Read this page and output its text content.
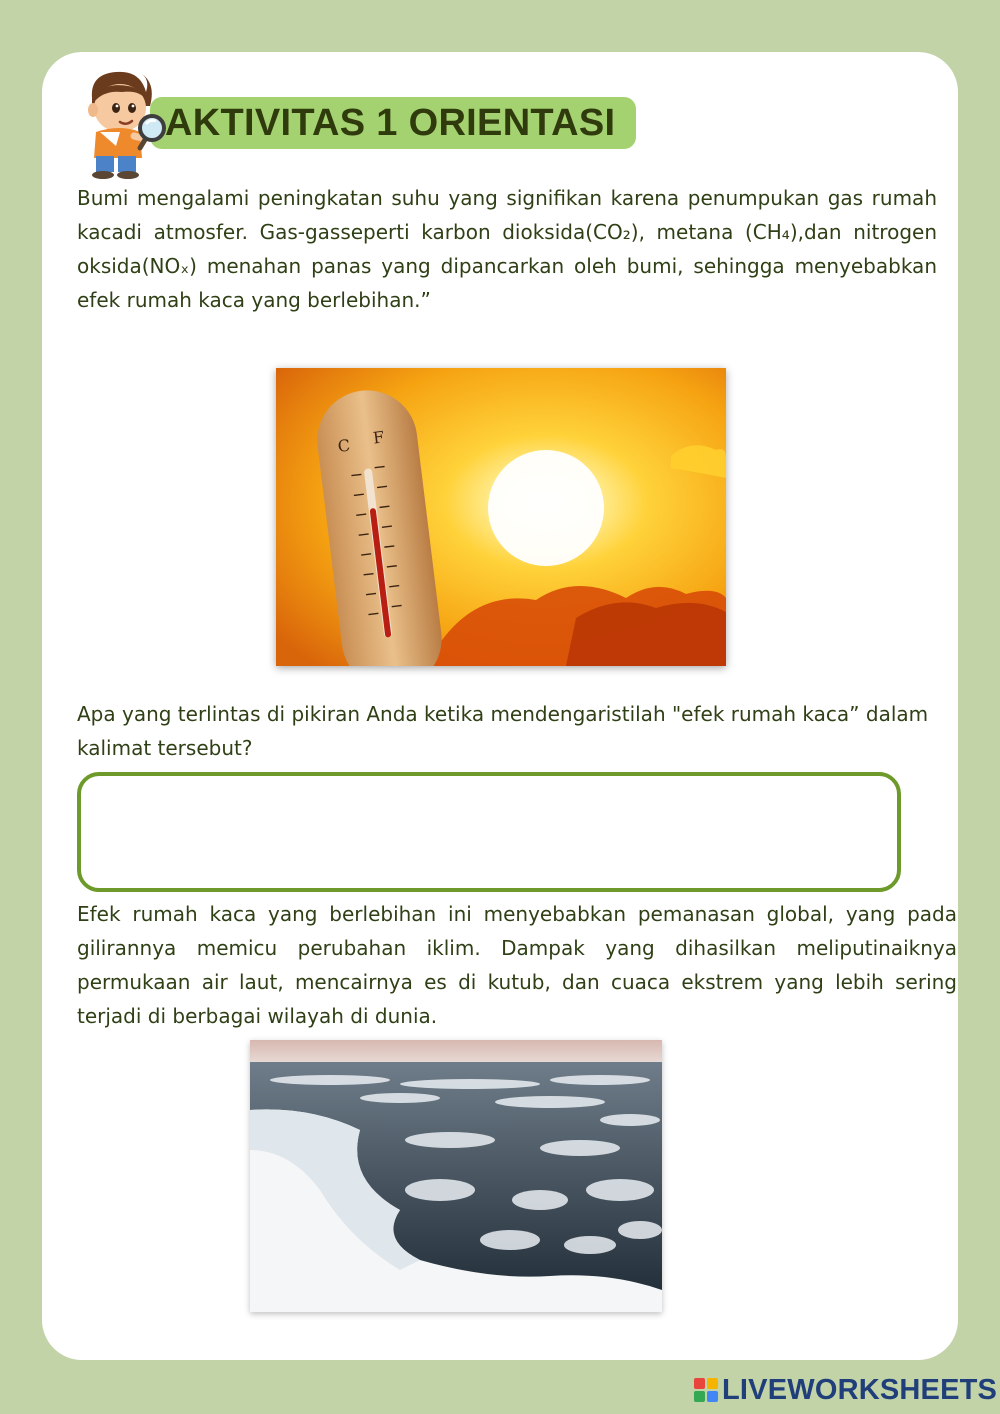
AKTIVITAS 1 ORIENTASI

Bumi mengalami peningkatan suhu yang signifikan karena penumpukan gas rumah kacadi atmosfer. Gas-gasseperti karbon dioksida(CO₂), metana (CH₄),dan nitrogen oksida(NOₓ) menahan panas yang dipancarkan oleh bumi, sehingga menyebabkan efek rumah kaca yang berlebihan.”

C F

Apa yang terlintas di pikiran Anda ketika mendengaristilah "efek rumah kaca” dalam kalimat tersebut?

Efek rumah kaca yang berlebihan ini menyebabkan pemanasan global, yang pada gilirannya memicu perubahan iklim. Dampak yang dihasilkan meliputinaiknya permukaan air laut, mencairnya es di kutub, dan cuaca ekstrem yang lebih sering terjadi di berbagai wilayah di dunia.

LIVEWORKSHEETS
